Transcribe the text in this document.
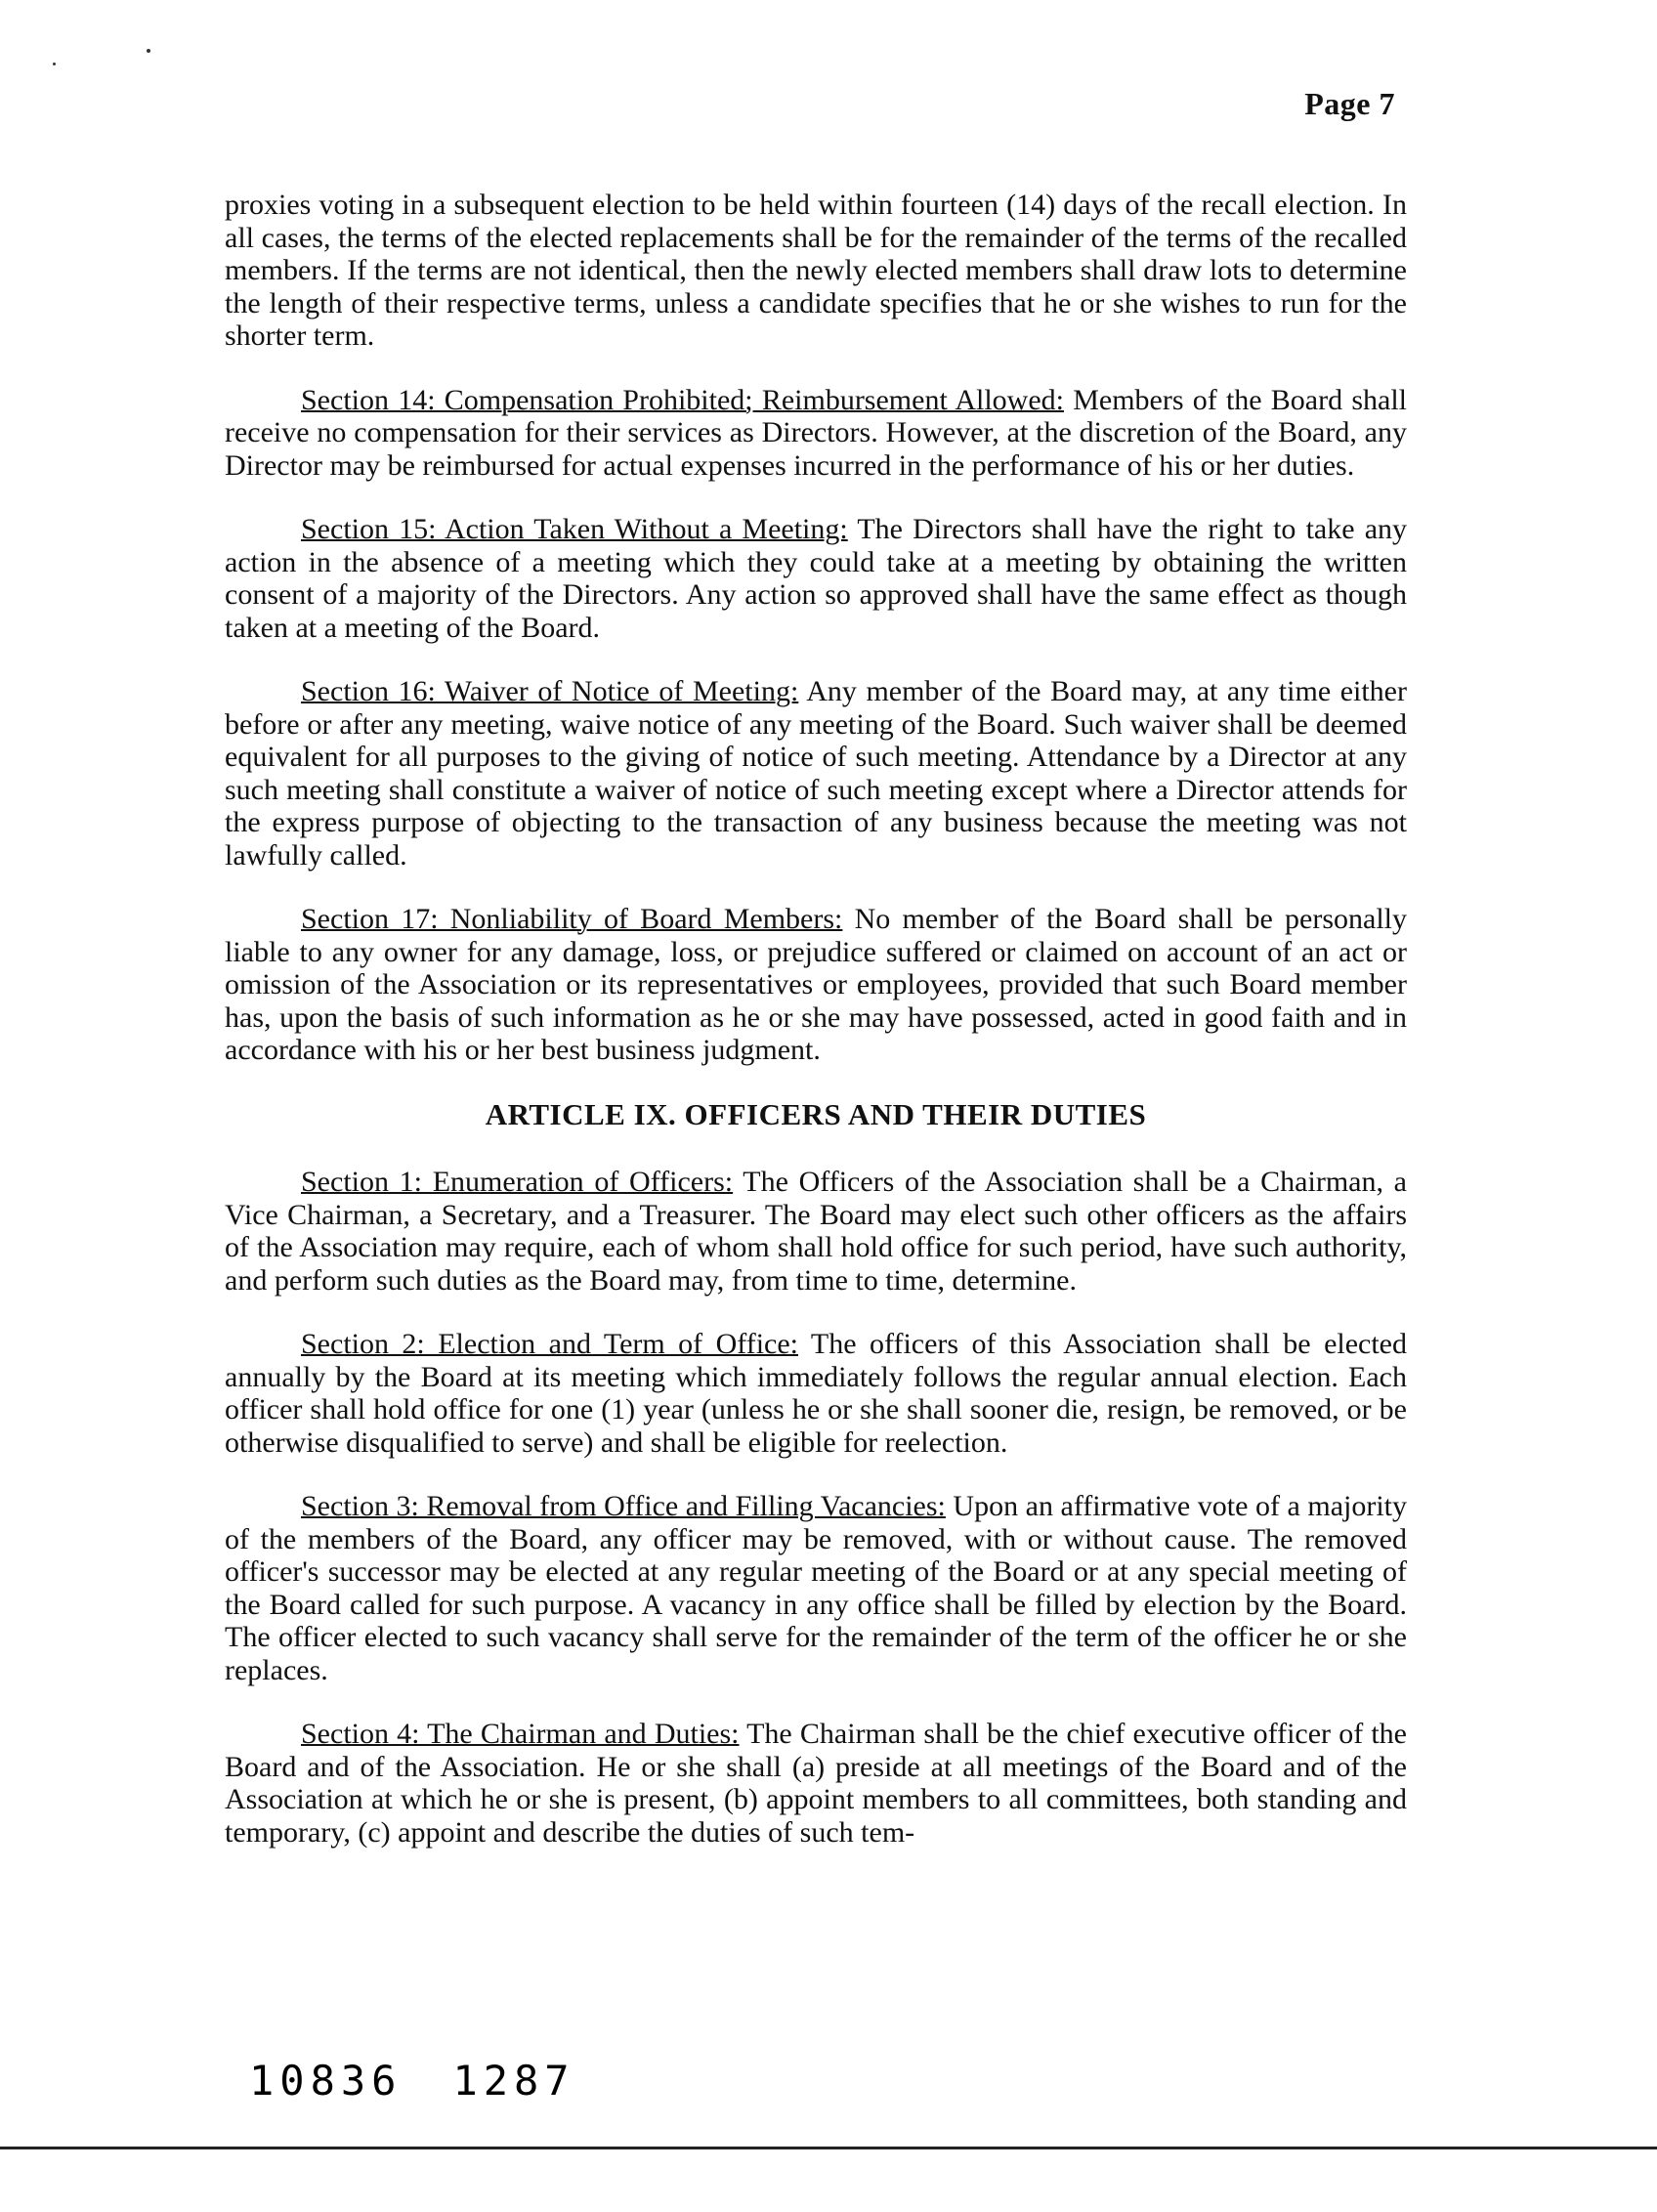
Page 7

proxies voting in a subsequent election to be held within fourteen (14) days of the recall election. In all cases, the terms of the elected replacements shall be for the remainder of the terms of the recalled members. If the terms are not identical, then the newly elected members shall draw lots to determine the length of their respective terms, unless a candidate specifies that he or she wishes to run for the shorter term.

Section 14: Compensation Prohibited; Reimbursement Allowed: Members of the Board shall receive no compensation for their services as Directors. However, at the discretion of the Board, any Director may be reimbursed for actual expenses incurred in the performance of his or her duties.

Section 15: Action Taken Without a Meeting: The Directors shall have the right to take any action in the absence of a meeting which they could take at a meeting by obtaining the written consent of a majority of the Directors. Any action so approved shall have the same effect as though taken at a meeting of the Board.

Section 16: Waiver of Notice of Meeting: Any member of the Board may, at any time either before or after any meeting, waive notice of any meeting of the Board. Such waiver shall be deemed equivalent for all purposes to the giving of notice of such meeting. Attendance by a Director at any such meeting shall constitute a waiver of notice of such meeting except where a Director attends for the express purpose of objecting to the transaction of any business because the meeting was not lawfully called.

Section 17: Nonliability of Board Members: No member of the Board shall be personally liable to any owner for any damage, loss, or prejudice suffered or claimed on account of an act or omission of the Association or its representatives or employees, provided that such Board member has, upon the basis of such information as he or she may have possessed, acted in good faith and in accordance with his or her best business judgment.

ARTICLE IX. OFFICERS AND THEIR DUTIES

Section 1: Enumeration of Officers: The Officers of the Association shall be a Chairman, a Vice Chairman, a Secretary, and a Treasurer. The Board may elect such other officers as the affairs of the Association may require, each of whom shall hold office for such period, have such authority, and perform such duties as the Board may, from time to time, determine.

Section 2: Election and Term of Office: The officers of this Association shall be elected annually by the Board at its meeting which immediately follows the regular annual election. Each officer shall hold office for one (1) year (unless he or she shall sooner die, resign, be removed, or be otherwise disqualified to serve) and shall be eligible for reelection.

Section 3: Removal from Office and Filling Vacancies: Upon an affirmative vote of a majority of the members of the Board, any officer may be removed, with or without cause. The removed officer's successor may be elected at any regular meeting of the Board or at any special meeting of the Board called for such purpose. A vacancy in any office shall be filled by election by the Board. The officer elected to such vacancy shall serve for the remainder of the term of the officer he or she replaces.

Section 4: The Chairman and Duties: The Chairman shall be the chief executive officer of the Board and of the Association. He or she shall (a) preside at all meetings of the Board and of the Association at which he or she is present, (b) appoint members to all committees, both standing and temporary, (c) appoint and describe the duties of such tem-

10836 1287
